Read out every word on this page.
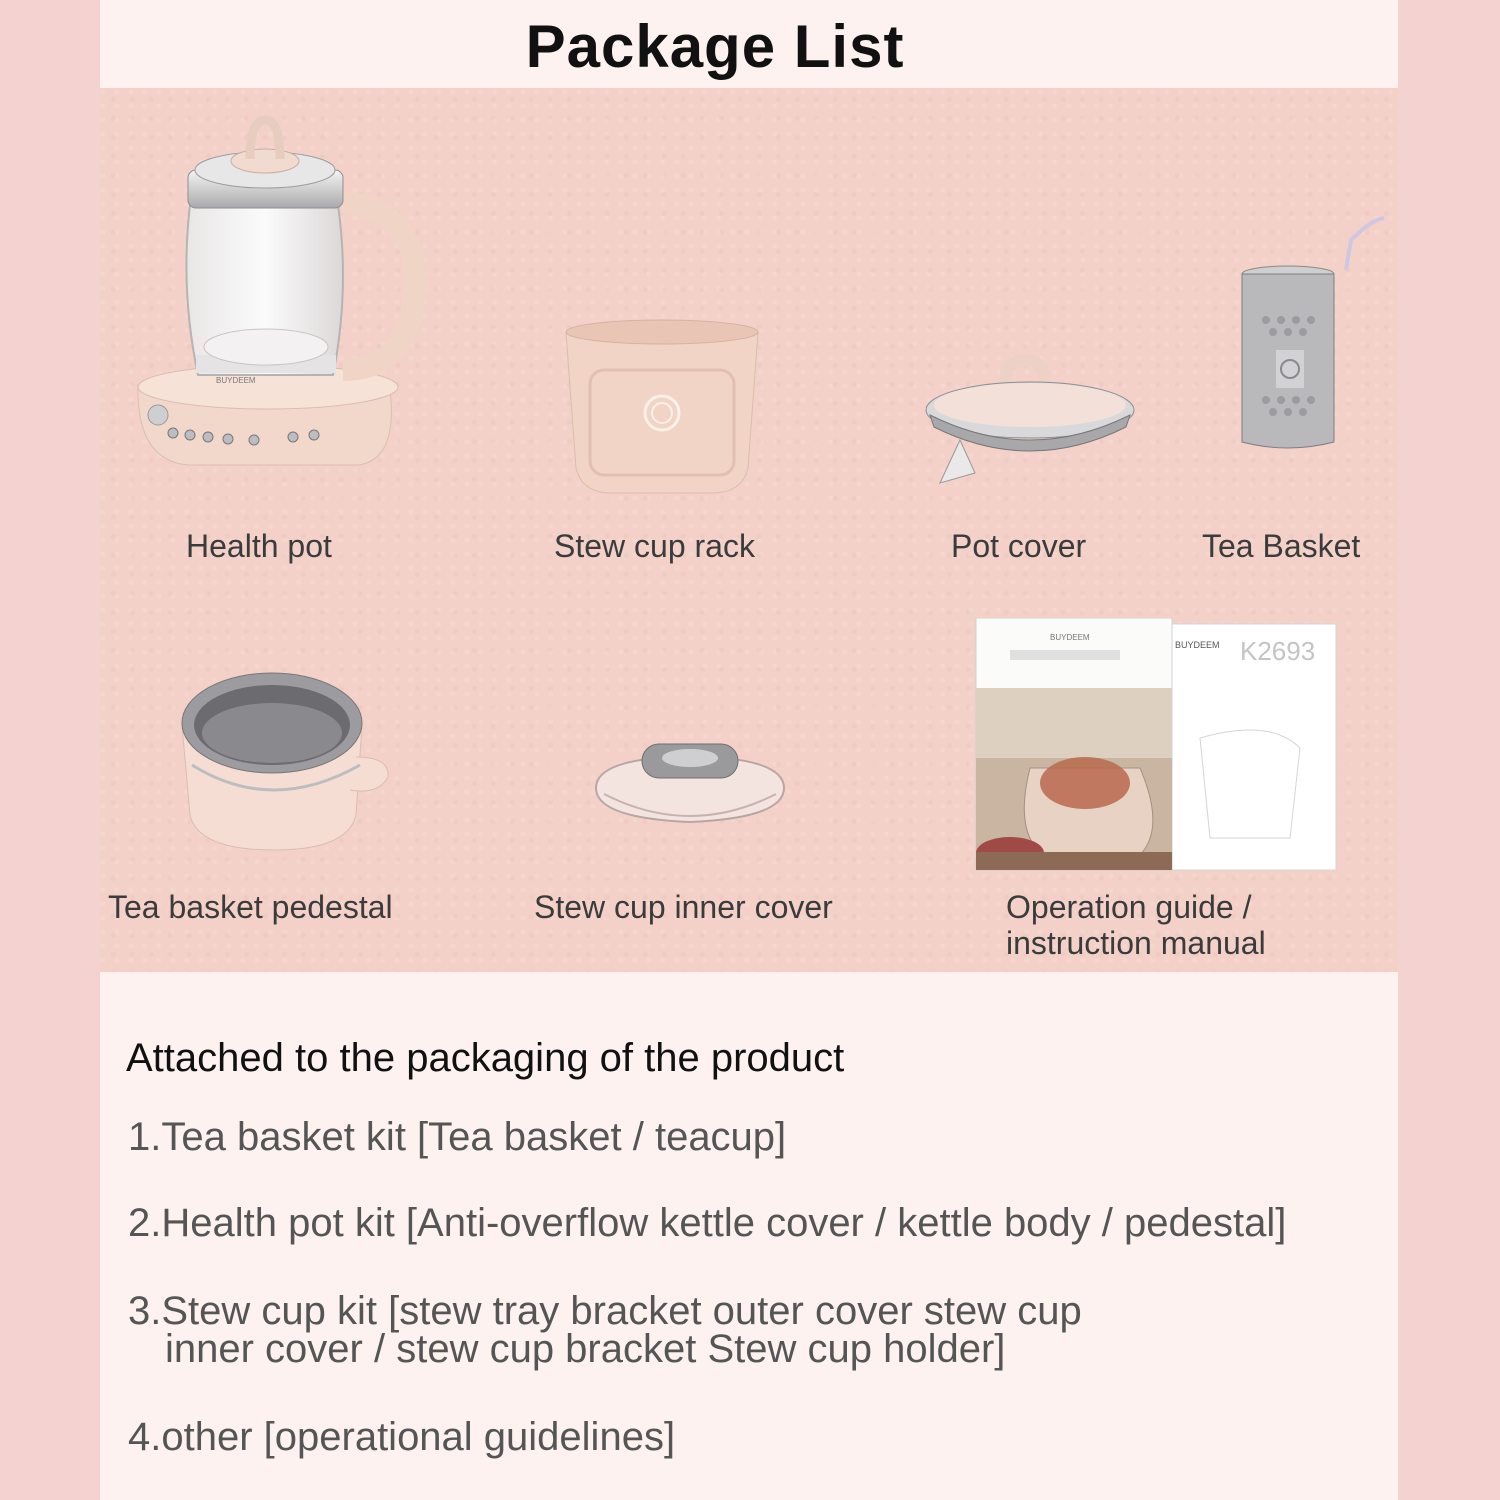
Package List
BUYDEEM
BUYDEEM K2693
BUYDEEM
Health pot	Stew cup rack	Pot cover	Tea Basket
Tea basket pedestal	Stew cup inner cover	Operation guide /
instruction manual
Attached to the packaging of the product
1.Tea basket kit [Tea basket / teacup]
2.Health pot kit [Anti-overflow kettle cover / kettle body / pedestal]
3.Stew cup kit [stew tray bracket outer cover stew cup
inner cover / stew cup bracket Stew cup holder]
4.other [operational guidelines]
